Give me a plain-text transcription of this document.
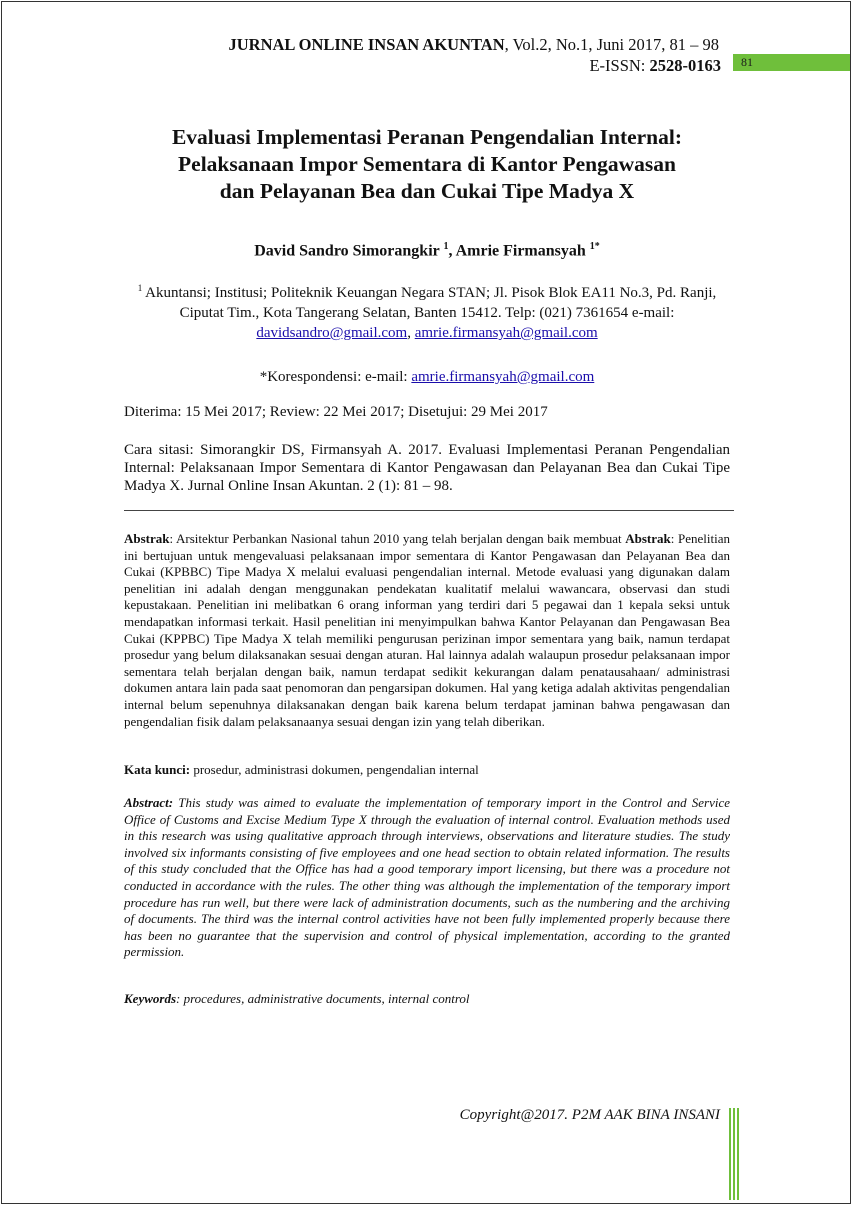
JURNAL ONLINE INSAN AKUNTAN, Vol.2, No.1, Juni 2017, 81 – 98
E-ISSN: 2528-0163	81
Evaluasi Implementasi Peranan Pengendalian Internal:
Pelaksanaan Impor Sementara di Kantor Pengawasan
dan Pelayanan Bea dan Cukai Tipe Madya X
David Sandro Simorangkir $^1$, Amrie Firmansyah $^{1*}$
$^1$ Akuntansi; Institusi; Politeknik Keuangan Negara STAN; Jl. Pisok Blok EA11 No.3, Pd. Ranji, Ciputat Tim., Kota Tangerang Selatan, Banten 15412. Telp: (021) 7361654 e-mail:
davidsandro@gmail.com, amrie.firmansyah@gmail.com
*Korespondensi: e-mail: amrie.firmansyah@gmail.com
Diterima: 15 Mei 2017; Review: 22 Mei 2017; Disetujui: 29 Mei 2017
Cara sitasi: Simorangkir DS, Firmansyah A. 2017. Evaluasi Implementasi Peranan Pengendalian Internal: Pelaksanaan Impor Sementara di Kantor Pengawasan dan Pelayanan Bea dan Cukai Tipe Madya X. Jurnal Online Insan Akuntan. 2 (1): 81 – 98.
Abstrak: Arsitektur Perbankan Nasional tahun 2010 yang telah berjalan dengan baik membuat Abstrak: Penelitian ini bertujuan untuk mengevaluasi pelaksanaan impor sementara di Kantor Pengawasan dan Pelayanan Bea dan Cukai (KPBBC) Tipe Madya X melalui evaluasi pengendalian internal. Metode evaluasi yang digunakan dalam penelitian ini adalah dengan menggunakan pendekatan kualitatif melalui wawancara, observasi dan studi kepustakaan. Penelitian ini melibatkan 6 orang informan yang terdiri dari 5 pegawai dan 1 kepala seksi untuk mendapatkan informasi terkait. Hasil penelitian ini menyimpulkan bahwa Kantor Pelayanan dan Pengawasan Bea Cukai (KPPBC) Tipe Madya X telah memiliki pengurusan perizinan impor sementara yang baik, namun terdapat prosedur yang belum dilaksanakan sesuai dengan aturan. Hal lainnya adalah walaupun prosedur pelaksanaan impor sementara telah berjalan dengan baik, namun terdapat sedikit kekurangan dalam penatausahaan/ administrasi dokumen antara lain pada saat penomoran dan pengarsipan dokumen. Hal yang ketiga adalah aktivitas pengendalian internal belum sepenuhnya dilaksanakan dengan baik karena belum terdapat jaminan bahwa pengawasan dan pengendalian fisik dalam pelaksanaanya sesuai dengan izin yang telah diberikan.
Kata kunci: prosedur, administrasi dokumen, pengendalian internal
Abstract: This study was aimed to evaluate the implementation of temporary import in the Control and Service Office of Customs and Excise Medium Type X through the evaluation of internal control. Evaluation methods used in this research was using qualitative approach through interviews, observations and literature studies. The study involved six informants consisting of five employees and one head section to obtain related information. The results of this study concluded that the Office has had a good temporary import licensing, but there was a procedure not conducted in accordance with the rules. The other thing was although the implementation of the temporary import procedure has run well, but there were lack of administration documents, such as the numbering and the archiving of documents. The third was the internal control activities have not been fully implemented properly because there has been no guarantee that the supervision and control of physical implementation, according to the granted permission.
Keywords: procedures, administrative documents, internal control
Copyright@2017. P2M AAK BINA INSANI
